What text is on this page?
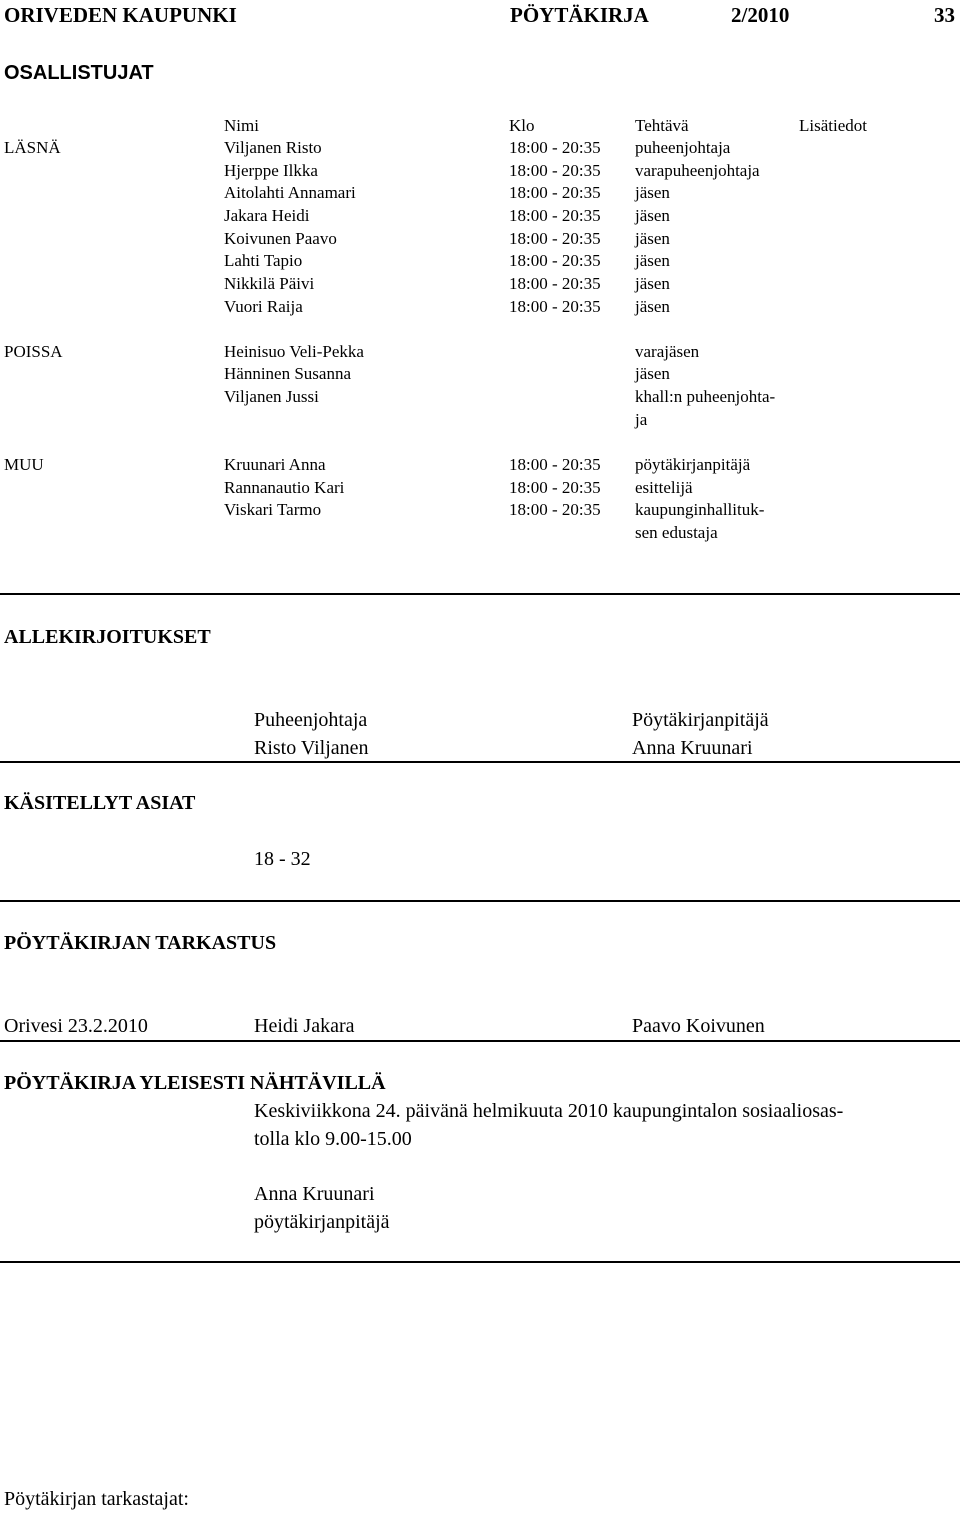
ORIVEDEN KAUPUNKI	PÖYTÄKIRJA	2/2010	33
OSALLISTUJAT
Nimi	Klo	Tehtävä	Lisätiedot
LÄSNÄ	Viljanen Risto	18:00 - 20:35 puheenjohtaja
Hjerppe Ilkka	18:00 - 20:35 varapuheenjohtaja
Aitolahti Annamari	18:00 - 20:35 jäsen
Jakara Heidi	18:00 - 20:35 jäsen
Koivunen Paavo	18:00 - 20:35 jäsen
Lahti Tapio	18:00 - 20:35 jäsen
Nikkilä Päivi	18:00 - 20:35 jäsen
Vuori Raija	18:00 - 20:35 jäsen
POISSA	Heinisuo Veli-Pekka	varajäsen
Hänninen Susanna	jäsen
Viljanen Jussi	khall:n puheenjohta-
ja
MUU	Kruunari Anna	18:00 - 20:35 pöytäkirjanpitäjä
Rannanautio Kari	18:00 - 20:35 esittelijä
Viskari Tarmo	18:00 - 20:35 kaupunginhallituk-
sen edustaja
ALLEKIRJOITUKSET
Puheenjohtaja
Risto Viljanen
Pöytäkirjanpitäjä
Anna Kruunari
KÄSITELLYT ASIAT
18 - 32
PÖYTÄKIRJAN TARKASTUS
Orivesi 23.2.2010	Heidi Jakara	Paavo Koivunen
PÖYTÄKIRJA YLEISESTI NÄHTÄVILLÄ
Keskiviikkona 24. päivänä helmikuuta 2010 kaupungintalon sosiaaliosas-
tolla klo 9.00-15.00
Anna Kruunari
pöytäkirjanpitäjä
Pöytäkirjan tarkastajat:
